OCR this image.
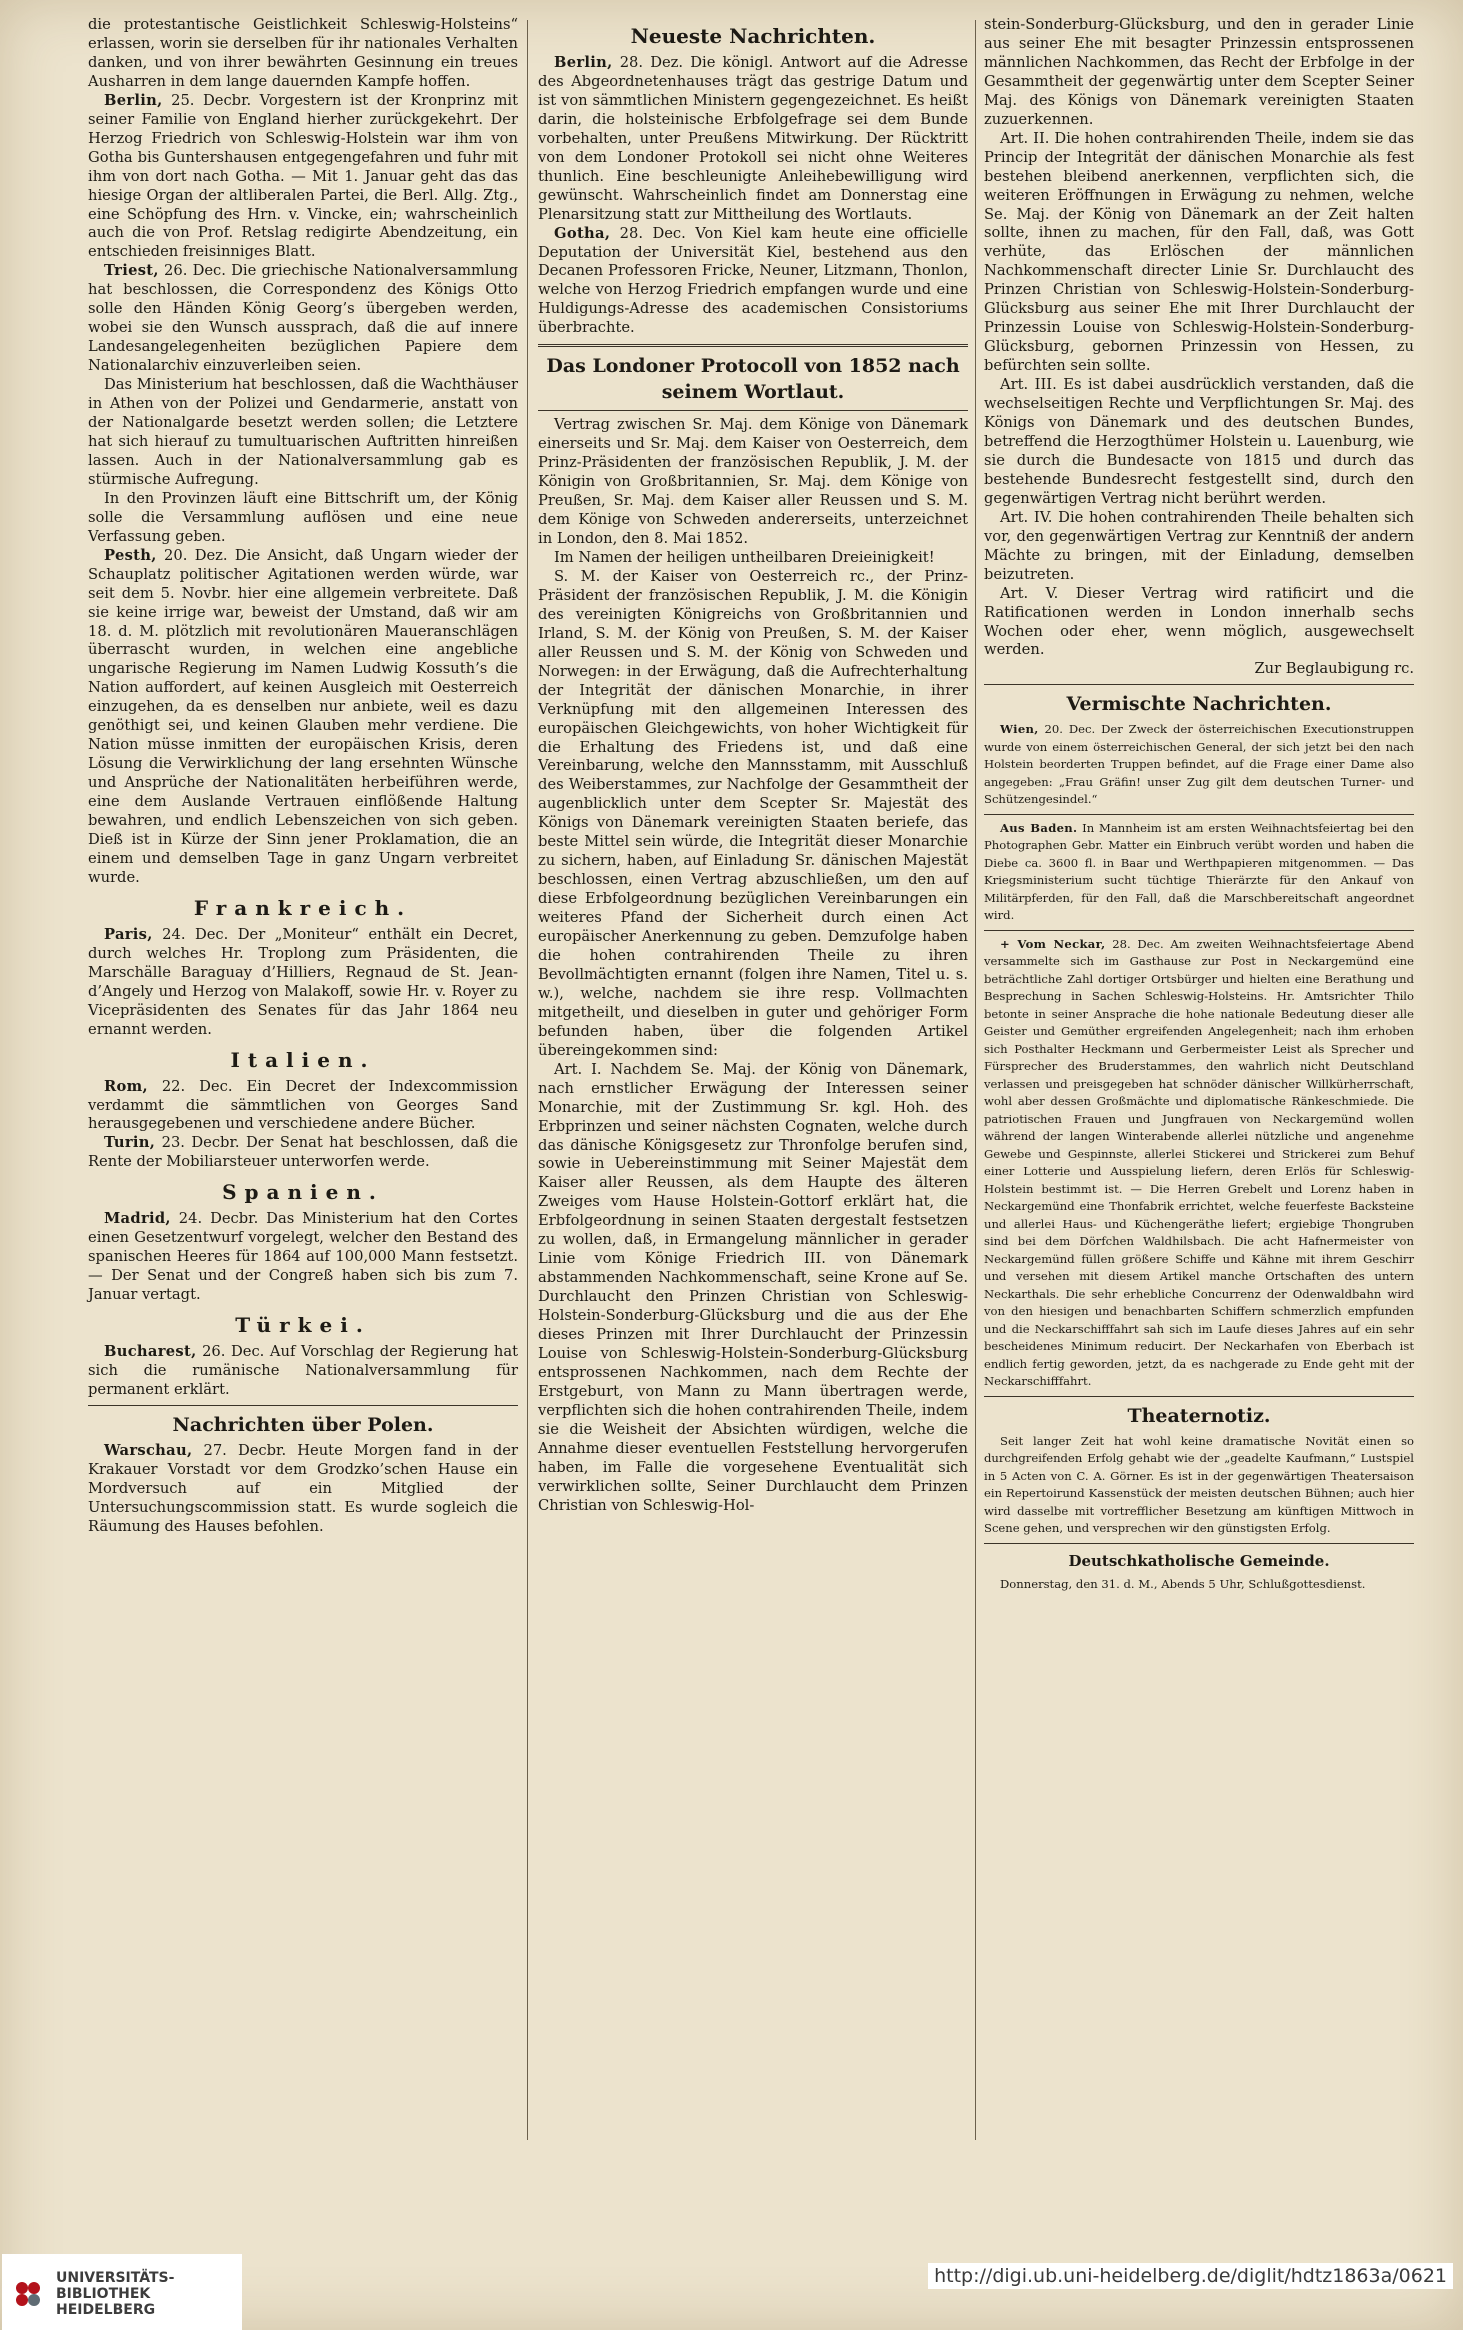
die protestantische Geistlichkeit Schleswig-Holsteins“ erlassen, worin sie derselben für ihr nationales Verhalten danken, und von ihrer bewährten Gesinnung ein treues Ausharren in dem lange dauernden Kampfe hoffen.

Berlin, 25. Decbr. Vorgestern ist der Kronprinz mit seiner Familie von England hierher zurückgekehrt. Der Herzog Friedrich von Schleswig-Holstein war ihm von Gotha bis Guntershausen entgegengefahren und fuhr mit ihm von dort nach Gotha. — Mit 1. Januar geht das das hiesige Organ der altliberalen Partei, die Berl. Allg. Ztg., eine Schöpfung des Hrn. v. Vincke, ein; wahrscheinlich auch die von Prof. Retslag redigirte Abendzeitung, ein entschieden freisinniges Blatt.

Triest, 26. Dec. Die griechische Nationalversammlung hat beschlossen, die Correspondenz des Königs Otto solle den Händen König Georg’s übergeben werden, wobei sie den Wunsch aussprach, daß die auf innere Landesangelegenheiten bezüglichen Papiere dem Nationalarchiv einzuverleiben seien.

Das Ministerium hat beschlossen, daß die Wachthäuser in Athen von der Polizei und Gendarmerie, anstatt von der Nationalgarde besetzt werden sollen; die Letztere hat sich hierauf zu tumultuarischen Auftritten hinreißen lassen. Auch in der Nationalversammlung gab es stürmische Aufregung.

In den Provinzen läuft eine Bittschrift um, der König solle die Versammlung auflösen und eine neue Verfassung geben.

Pesth, 20. Dez. Die Ansicht, daß Ungarn wieder der Schauplatz politischer Agitationen werden würde, war seit dem 5. Novbr. hier eine allgemein verbreitete. Daß sie keine irrige war, beweist der Umstand, daß wir am 18. d. M. plötzlich mit revolutionären Maueranschlägen überrascht wurden, in welchen eine angebliche ungarische Regierung im Namen Ludwig Kossuth’s die Nation auffordert, auf keinen Ausgleich mit Oesterreich einzugehen, da es denselben nur anbiete, weil es dazu genöthigt sei, und keinen Glauben mehr verdiene. Die Nation müsse inmitten der europäischen Krisis, deren Lösung die Verwirklichung der lang ersehnten Wünsche und Ansprüche der Nationalitäten herbeiführen werde, eine dem Auslande Vertrauen einflößende Haltung bewahren, und endlich Lebenszeichen von sich geben. Dieß ist in Kürze der Sinn jener Proklamation, die an einem und demselben Tage in ganz Ungarn verbreitet wurde.

Frankreich.

Paris, 24. Dec. Der „Moniteur“ enthält ein Decret, durch welches Hr. Troplong zum Präsidenten, die Marschälle Baraguay d’Hilliers, Regnaud de St. Jean-d’Angely und Herzog von Malakoff, sowie Hr. v. Royer zu Vicepräsidenten des Senates für das Jahr 1864 neu ernannt werden.

Italien.

Rom, 22. Dec. Ein Decret der Indexcommission verdammt die sämmtlichen von Georges Sand herausgegebenen und verschiedene andere Bücher.

Turin, 23. Decbr. Der Senat hat beschlossen, daß die Rente der Mobiliarsteuer unterworfen werde.

Spanien.

Madrid, 24. Decbr. Das Ministerium hat den Cortes einen Gesetzentwurf vorgelegt, welcher den Bestand des spanischen Heeres für 1864 auf 100,000 Mann festsetzt. — Der Senat und der Congreß haben sich bis zum 7. Januar vertagt.

Türkei.

Bucharest, 26. Dec. Auf Vorschlag der Regierung hat sich die rumänische Nationalversammlung für permanent erklärt.

Nachrichten über Polen.

Warschau, 27. Decbr. Heute Morgen fand in der Krakauer Vorstadt vor dem Grodzko’schen Hause ein Mordversuch auf ein Mitglied der Untersuchungscommission statt. Es wurde sogleich die Räumung des Hauses befohlen.

Neueste Nachrichten.

Berlin, 28. Dez. Die königl. Antwort auf die Adresse des Abgeordnetenhauses trägt das gestrige Datum und ist von sämmtlichen Ministern gegengezeichnet. Es heißt darin, die holsteinische Erbfolgefrage sei dem Bunde vorbehalten, unter Preußens Mitwirkung. Der Rücktritt von dem Londoner Protokoll sei nicht ohne Weiteres thunlich. Eine beschleunigte Anleihebewilligung wird gewünscht. Wahrscheinlich findet am Donnerstag eine Plenarsitzung statt zur Mittheilung des Wortlauts.

Gotha, 28. Dec. Von Kiel kam heute eine officielle Deputation der Universität Kiel, bestehend aus den Decanen Professoren Fricke, Neuner, Litzmann, Thonlon, welche von Herzog Friedrich empfangen wurde und eine Huldigungs-Adresse des academischen Consistoriums überbrachte.

Das Londoner Protocoll von 1852 nach seinem Wortlaut.

Vertrag zwischen Sr. Maj. dem Könige von Dänemark einerseits und Sr. Maj. dem Kaiser von Oesterreich, dem Prinz-Präsidenten der französischen Republik, J. M. der Königin von Großbritannien, Sr. Maj. dem Könige von Preußen, Sr. Maj. dem Kaiser aller Reussen und S. M. dem Könige von Schweden andererseits, unterzeichnet in London, den 8. Mai 1852.

Im Namen der heiligen untheilbaren Dreieinigkeit!

S. M. der Kaiser von Oesterreich rc., der Prinz-Präsident der französischen Republik, J. M. die Königin des vereinigten Königreichs von Großbritannien und Irland, S. M. der König von Preußen, S. M. der Kaiser aller Reussen und S. M. der König von Schweden und Norwegen: in der Erwägung, daß die Aufrechterhaltung der Integrität der dänischen Monarchie, in ihrer Verknüpfung mit den allgemeinen Interessen des europäischen Gleichgewichts, von hoher Wichtigkeit für die Erhaltung des Friedens ist, und daß eine Vereinbarung, welche den Mannsstamm, mit Ausschluß des Weiberstammes, zur Nachfolge der Gesammtheit der augenblicklich unter dem Scepter Sr. Majestät des Königs von Dänemark vereinigten Staaten beriefe, das beste Mittel sein würde, die Integrität dieser Monarchie zu sichern, haben, auf Einladung Sr. dänischen Majestät beschlossen, einen Vertrag abzuschließen, um den auf diese Erbfolgeordnung bezüglichen Vereinbarungen ein weiteres Pfand der Sicherheit durch einen Act europäischer Anerkennung zu geben. Demzufolge haben die hohen contrahirenden Theile zu ihren Bevollmächtigten ernannt (folgen ihre Namen, Titel u. s. w.), welche, nachdem sie ihre resp. Vollmachten mitgetheilt, und dieselben in guter und gehöriger Form befunden haben, über die folgenden Artikel übereingekommen sind:

Art. I. Nachdem Se. Maj. der König von Dänemark, nach ernstlicher Erwägung der Interessen seiner Monarchie, mit der Zustimmung Sr. kgl. Hoh. des Erbprinzen und seiner nächsten Cognaten, welche durch das dänische Königsgesetz zur Thronfolge berufen sind, sowie in Uebereinstimmung mit Seiner Majestät dem Kaiser aller Reussen, als dem Haupte des älteren Zweiges vom Hause Holstein-Gottorf erklärt hat, die Erbfolgeordnung in seinen Staaten dergestalt festsetzen zu wollen, daß, in Ermangelung männlicher in gerader Linie vom Könige Friedrich III. von Dänemark abstammenden Nachkommenschaft, seine Krone auf Se. Durchlaucht den Prinzen Christian von Schleswig-Holstein-Sonderburg-Glücksburg und die aus der Ehe dieses Prinzen mit Ihrer Durchlaucht der Prinzessin Louise von Schleswig-Holstein-Sonderburg-Glücksburg entsprossenen Nachkommen, nach dem Rechte der Erstgeburt, von Mann zu Mann übertragen werde, verpflichten sich die hohen contrahirenden Theile, indem sie die Weisheit der Absichten würdigen, welche die Annahme dieser eventuellen Feststellung hervorgerufen haben, im Falle die vorgesehene Eventualität sich verwirklichen sollte, Seiner Durchlaucht dem Prinzen Christian von Schleswig-Hol-

stein-Sonderburg-Glücksburg, und den in gerader Linie aus seiner Ehe mit besagter Prinzessin entsprossenen männlichen Nachkommen, das Recht der Erbfolge in der Gesammtheit der gegenwärtig unter dem Scepter Seiner Maj. des Königs von Dänemark vereinigten Staaten zuzuerkennen.

Art. II. Die hohen contrahirenden Theile, indem sie das Princip der Integrität der dänischen Monarchie als fest bestehen bleibend anerkennen, verpflichten sich, die weiteren Eröffnungen in Erwägung zu nehmen, welche Se. Maj. der König von Dänemark an der Zeit halten sollte, ihnen zu machen, für den Fall, daß, was Gott verhüte, das Erlöschen der männlichen Nachkommenschaft directer Linie Sr. Durchlaucht des Prinzen Christian von Schleswig-Holstein-Sonderburg-Glücksburg aus seiner Ehe mit Ihrer Durchlaucht der Prinzessin Louise von Schleswig-Holstein-Sonderburg-Glücksburg, gebornen Prinzessin von Hessen, zu befürchten sein sollte.

Art. III. Es ist dabei ausdrücklich verstanden, daß die wechselseitigen Rechte und Verpflichtungen Sr. Maj. des Königs von Dänemark und des deutschen Bundes, betreffend die Herzogthümer Holstein u. Lauenburg, wie sie durch die Bundesacte von 1815 und durch das bestehende Bundesrecht festgestellt sind, durch den gegenwärtigen Vertrag nicht berührt werden.

Art. IV. Die hohen contrahirenden Theile behalten sich vor, den gegenwärtigen Vertrag zur Kenntniß der andern Mächte zu bringen, mit der Einladung, demselben beizutreten.

Art. V. Dieser Vertrag wird ratificirt und die Ratificationen werden in London innerhalb sechs Wochen oder eher, wenn möglich, ausgewechselt werden.

Zur Beglaubigung rc.

Vermischte Nachrichten.

Wien, 20. Dec. Der Zweck der österreichischen Executionstruppen wurde von einem österreichischen General, der sich jetzt bei den nach Holstein beorderten Truppen befindet, auf die Frage einer Dame also angegeben: „Frau Gräfin! unser Zug gilt dem deutschen Turner- und Schützengesindel.“

Aus Baden. In Mannheim ist am ersten Weihnachtsfeiertag bei den Photographen Gebr. Matter ein Einbruch verübt worden und haben die Diebe ca. 3600 fl. in Baar und Werthpapieren mitgenommen. — Das Kriegsministerium sucht tüchtige Thierärzte für den Ankauf von Militärpferden, für den Fall, daß die Marschbereitschaft angeordnet wird.

+ Vom Neckar, 28. Dec. Am zweiten Weihnachtsfeiertage Abend versammelte sich im Gasthause zur Post in Neckargemünd eine beträchtliche Zahl dortiger Ortsbürger und hielten eine Berathung und Besprechung in Sachen Schleswig-Holsteins. Hr. Amtsrichter Thilo betonte in seiner Ansprache die hohe nationale Bedeutung dieser alle Geister und Gemüther ergreifenden Angelegenheit; nach ihm erhoben sich Posthalter Heckmann und Gerbermeister Leist als Sprecher und Fürsprecher des Bruderstammes, den wahrlich nicht Deutschland verlassen und preisgegeben hat schnöder dänischer Willkürherrschaft, wohl aber dessen Großmächte und diplomatische Ränkeschmiede. Die patriotischen Frauen und Jungfrauen von Neckargemünd wollen während der langen Winterabende allerlei nützliche und angenehme Gewebe und Gespinnste, allerlei Stickerei und Strickerei zum Behuf einer Lotterie und Ausspielung liefern, deren Erlös für Schleswig-Holstein bestimmt ist. — Die Herren Grebelt und Lorenz haben in Neckargemünd eine Thonfabrik errichtet, welche feuerfeste Backsteine und allerlei Haus- und Küchengeräthe liefert; ergiebige Thongruben sind bei dem Dörfchen Waldhilsbach. Die acht Hafnermeister von Neckargemünd füllen größere Schiffe und Kähne mit ihrem Geschirr und versehen mit diesem Artikel manche Ortschaften des untern Neckarthals. Die sehr erhebliche Concurrenz der Odenwaldbahn wird von den hiesigen und benachbarten Schiffern schmerzlich empfunden und die Neckarschifffahrt sah sich im Laufe dieses Jahres auf ein sehr bescheidenes Minimum reducirt. Der Neckarhafen von Eberbach ist endlich fertig geworden, jetzt, da es nachgerade zu Ende geht mit der Neckarschifffahrt.

Theaternotiz.

Seit langer Zeit hat wohl keine dramatische Novität einen so durchgreifenden Erfolg gehabt wie der „geadelte Kaufmann,“ Lustspiel in 5 Acten von C. A. Görner. Es ist in der gegenwärtigen Theatersaison ein Repertoirund Kassenstück der meisten deutschen Bühnen; auch hier wird dasselbe mit vortrefflicher Besetzung am künftigen Mittwoch in Scene gehen, und versprechen wir den günstigsten Erfolg.

Deutschkatholische Gemeinde.

Donnerstag, den 31. d. M., Abends 5 Uhr, Schlußgottesdienst.

UNIVERSITÄTS-
BIBLIOTHEK
HEIDELBERG
http://digi.ub.uni-heidelberg.de/diglit/hdtz1863a/0621
